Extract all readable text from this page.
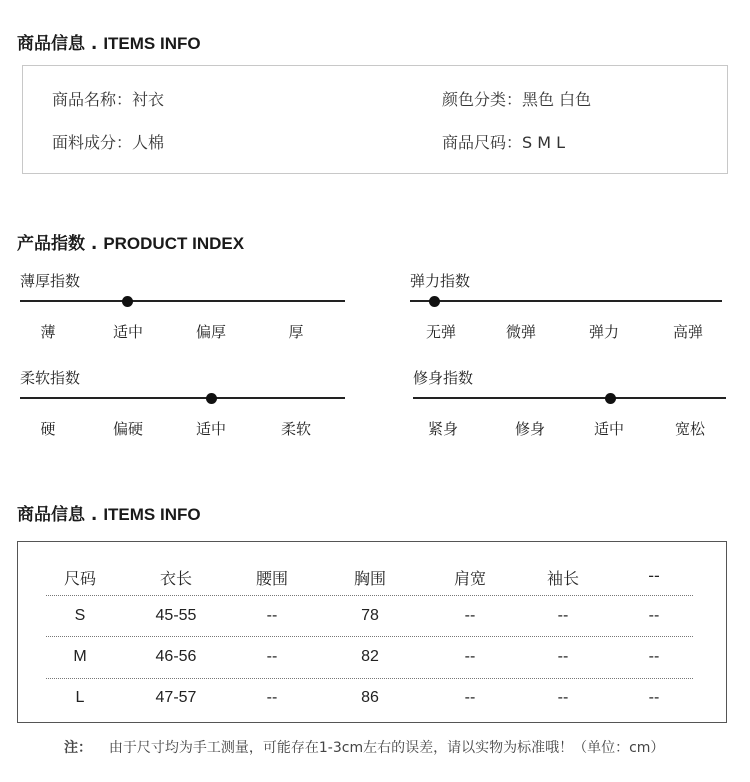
商品信息 . ITEMS INFO
商品名称：衬衣	颜色分类：黑色 白色
面料成分：人棉	商品尺码：S M L
产品指数 . PRODUCT INDEX
薄厚指数
薄	适中	偏厚	厚
弹力指数
无弹	微弹	弹力	高弹
柔软指数
硬	偏硬	适中	柔软
修身指数
紧身	修身	适中	宽松
商品信息 . ITEMS INFO
尺码	衣长	腰围	胸围	肩宽	袖长	--
S	45-55	--	78	--	--	--
M	46-56	--	82	--	--	--
L	47-57	--	86	--	--	--
注： 由于尺寸均为手工测量，可能存在1-3cm左右的误差，请以实物为标准哦！（单位：cm）
